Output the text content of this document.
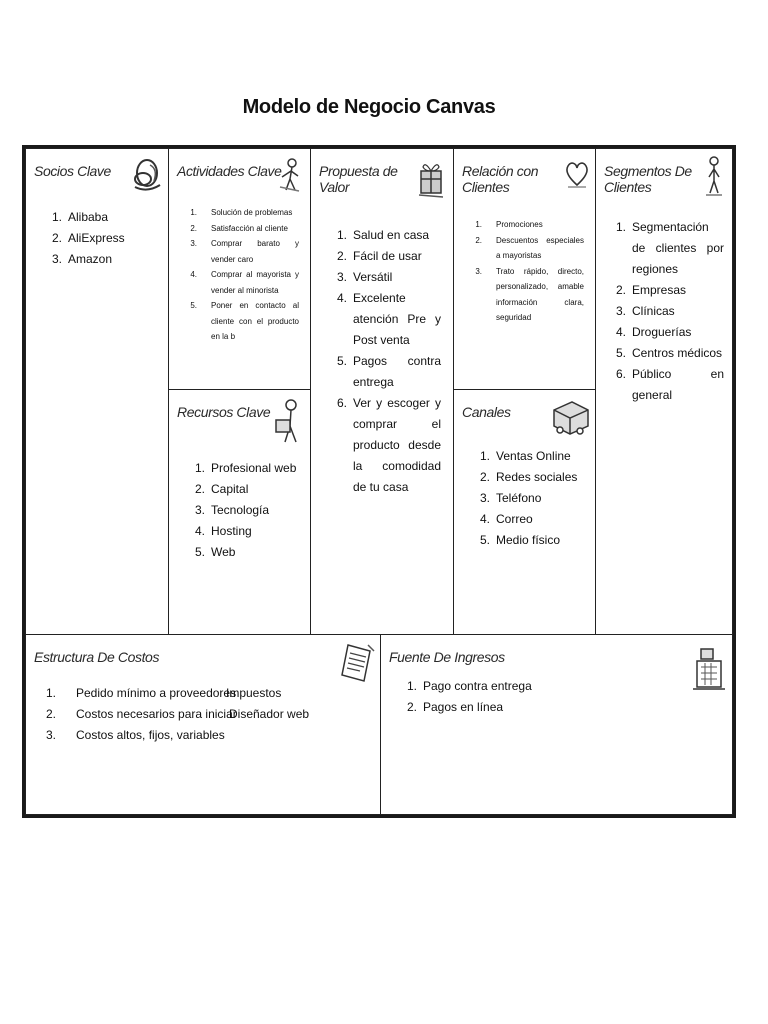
Modelo de Negocio Canvas
Socios Clave
1. Alibaba
2. AliExpress
3. Amazon
Actividades Clave
1. Solución de problemas
2. Satisfacción al cliente
3. Comprar barato y vender caro
4. Comprar al mayorista y vender al minorista
5. Poner en contacto al cliente con el producto en la b
Recursos Clave
1. Profesional web
2. Capital
3. Tecnología
4. Hosting
5. Web
Propuesta de
Valor
1. Salud en casa
2. Fácil de usar
3. Versátil
4. Excelente atención Pre y Post venta
5. Pagos contra entrega
6. Ver y escoger y comprar el producto desde la comodidad de tu casa
Relación con
Clientes
1. Promociones
2. Descuentos especiales a mayoristas
3. Trato rápido, directo, personalizado, amable información clara, seguridad
Canales
1. Ventas Online
2. Redes sociales
3. Teléfono
4. Correo
5. Medio físico
Segmentos De
Clientes
1. Segmentación de clientes por regiones
2. Empresas
3. Clínicas
4. Droguerías
5. Centros médicos
6. Público en general
Estructura De Costos
1. Pedido mínimo a proveedores
Impuestos
2. Costos necesarios para iniciar
Diseñador web
3. Costos altos, fijos, variables
Fuente De Ingresos
1. Pago contra entrega
2. Pagos en línea
